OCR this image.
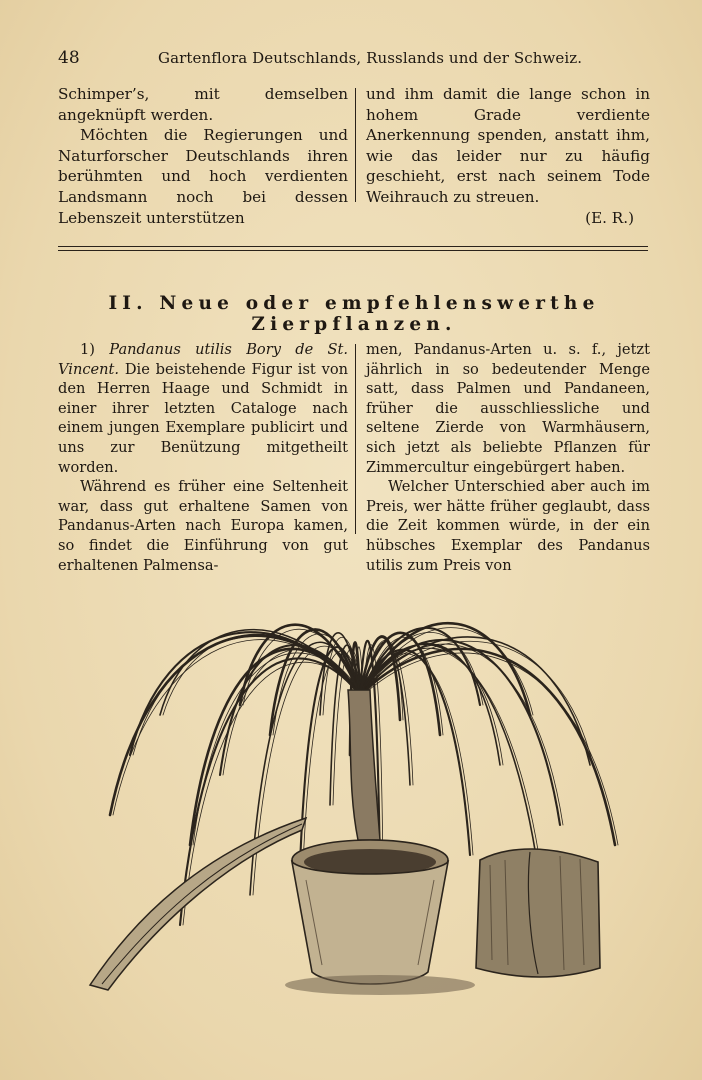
48	Gartenflora Deutschlands, Russlands und der Schweiz.

Schimper’s, mit demselben angeknüpft werden.

Möchten die Regierungen und Naturforscher Deutschlands ihren berühmten und hoch verdienten Landsmann noch bei dessen Lebenszeit unterstützen

und ihm damit die lange schon in hohem Grade verdiente Anerkennung spenden, anstatt ihm, wie das leider nur zu häufig geschieht, erst nach seinem Tode Weihrauch zu streuen.

(E. R.)

II. Neue oder empfehlenswerthe Zierpflanzen.

1) Pandanus utilis Bory de St. Vincent. Die beistehende Figur ist von den Herren Haage und Schmidt in einer ihrer letzten Cataloge nach einem jungen Exemplare publicirt und uns zur Benützung mitgetheilt worden.

Während es früher eine Seltenheit war, dass gut erhaltene Samen von Pandanus-Arten nach Europa kamen, so findet die Einführung von gut erhaltenen Palmensa-

men, Pandanus-Arten u. s. f., jetzt jährlich in so bedeutender Menge satt, dass Palmen und Pandaneen, früher die ausschliessliche und seltene Zierde von Warmhäusern, sich jetzt als beliebte Pflanzen für Zimmercultur eingebürgert haben.

Welcher Unterschied aber auch im Preis, wer hätte früher geglaubt, dass die Zeit kommen würde, in der ein hübsches Exemplar des Pandanus utilis zum Preis von
